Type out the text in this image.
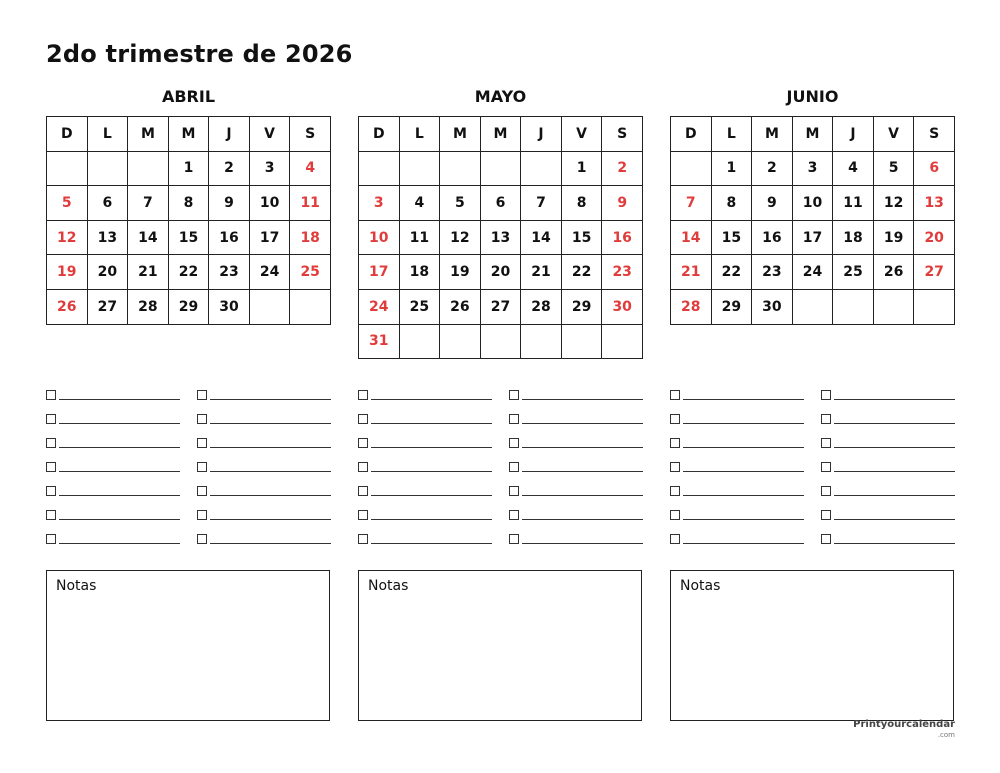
2do trimestre de 2026
ABRIL
D	L	M	M	J	V	S
			1	2	3	4
5	6	7	8	9	10	11
12	13	14	15	16	17	18
19	20	21	22	23	24	25
26	27	28	29	30		
MAYO
D	L	M	M	J	V	S
					1	2
3	4	5	6	7	8	9
10	11	12	13	14	15	16
17	18	19	20	21	22	23
24	25	26	27	28	29	30
31						
JUNIO
D	L	M	M	J	V	S
	1	2	3	4	5	6
7	8	9	10	11	12	13
14	15	16	17	18	19	20
21	22	23	24	25	26	27
28	29	30				
Notas	Notas	Notas
Printyourcalendar
.com
